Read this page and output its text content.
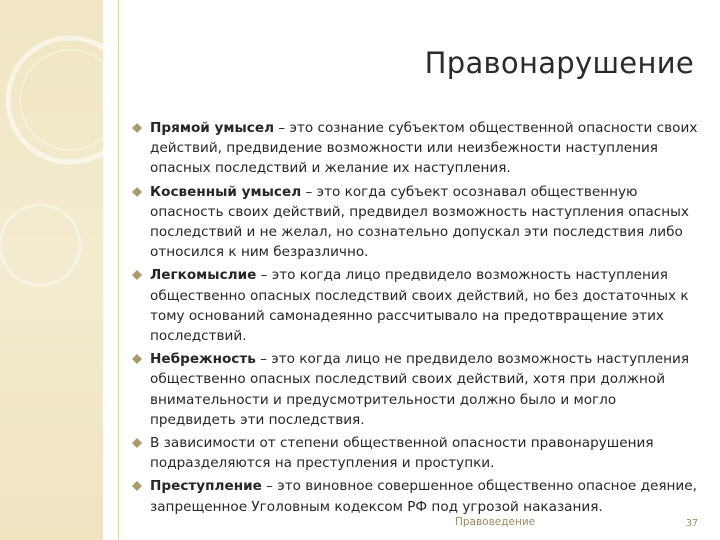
Правонарушение

Прямой умысел – это сознание субъектом общественной опасности своих действий, предвидение возможности или неизбежности наступления опасных последствий и желание их наступления.

Косвенный умысел – это когда субъект осознавал общественную опасность своих действий, предвидел возможность наступления опасных последствий и не желал, но сознательно допускал эти последствия либо относился к ним безразлично.

Легкомыслие – это когда лицо предвидело возможность наступления общественно опасных последствий своих действий, но без достаточных к тому оснований самонадеянно рассчитывало на предотвращение этих последствий.

Небрежность – это когда лицо не предвидело возможность наступления общественно опасных последствий своих действий, хотя при должной внимательности и предусмотрительности должно было и могло предвидеть эти последствия.

В зависимости от степени общественной опасности правонарушения подразделяются на преступления и проступки.

Преступление – это виновное совершенное общественно опасное деяние, запрещенное Уголовным кодексом РФ под угрозой наказания.

Правоведение	37
